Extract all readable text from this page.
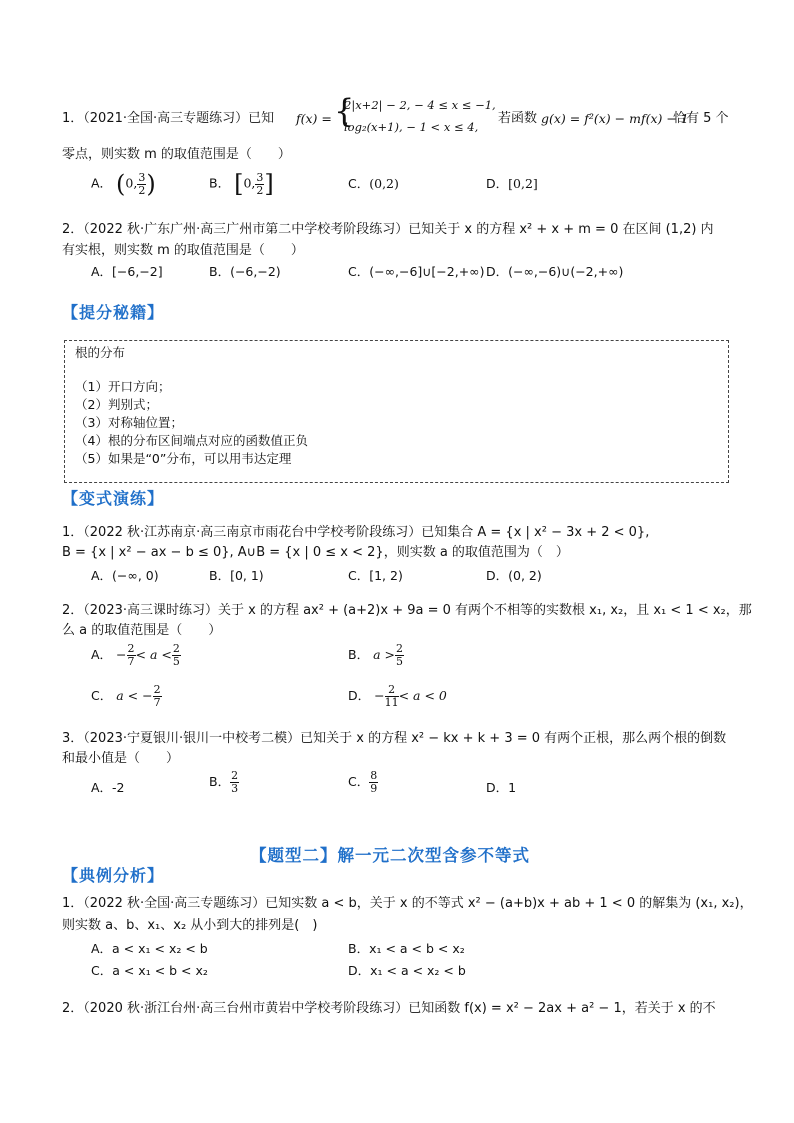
1．（2021·全国·高三专题练习）已知 f(x) = {
2|x+2| − 2, − 4 ≤ x ≤ −1,
log₂(x+1), − 1 < x ≤ 4,
若函数 g(x) = f²(x) − mf(x) − 1
恰有 5 个
零点，则实数 m 的取值范围是（　　）
A． (0, $\frac{3}{2}$ )	B． [0, $\frac{3}{2}$ ]	C．(0,2)	D．[0,2]
2．（2022 秋·广东广州·高三广州市第二中学校考阶段练习）已知关于 x 的方程 x² + x + m = 0 在区间 (1,2) 内
有实根，则实数 m 的取值范围是（　　）
A．[−6,−2]	B．(−6,−2)	C．(−∞,−6]∪[−2,+∞) D．(−∞,−6)∪(−2,+∞)
【提分秘籍】
根的分布
（1）开口方向；
（2）判别式；
（3）对称轴位置；
（4）根的分布区间端点对应的函数值正负
（5）如果是“0”分布，可以用韦达定理
【变式演练】
1．（2022 秋·江苏南京·高三南京市雨花台中学校考阶段练习）已知集合 A = {x | x² − 3x + 2 < 0},
B = {x | x² − ax − b ≤ 0}, A∪B = {x | 0 ≤ x < 2}，则实数 a 的取值范围为（　）
A．(−∞, 0)	B．[0, 1)	C．[1, 2)	D．(0, 2)
2．（2023·高三课时练习）关于 x 的方程 ax² + (a+2)x + 9a = 0 有两个不相等的实数根 x₁, x₂，且 x₁ < 1 < x₂，那
么 a 的取值范围是（　　）
A． − $\frac{2}{7} < a < \frac{2}{5}$	B． $a > \frac{2}{5}$
C． a < − $\frac{2}{7}$	D． − $\frac{2}{11} < a < 0$
3．（2023·宁夏银川·银川一中校考二模）已知关于 x 的方程 x² − kx + k + 3 = 0 有两个正根，那么两个根的倒数
和最小值是（　　）
A．-2	B． $\frac{2}{3}$	C． $\frac{8}{9}$	D．1
【题型二】解一元二次型含参不等式
【典例分析】
1．（2022 秋·全国·高三专题练习）已知实数 a < b，关于 x 的不等式 x² − (a+b)x + ab + 1 < 0 的解集为 (x₁, x₂)，
则实数 a、b、x₁、x₂ 从小到大的排列是(　)
A．a < x₁ < x₂ < b	B．x₁ < a < b < x₂
C．a < x₁ < b < x₂	D．x₁ < a < x₂ < b
2．（2020 秋·浙江台州·高三台州市黄岩中学校考阶段练习）已知函数 f(x) = x² − 2ax + a² − 1，若关于 x 的不
